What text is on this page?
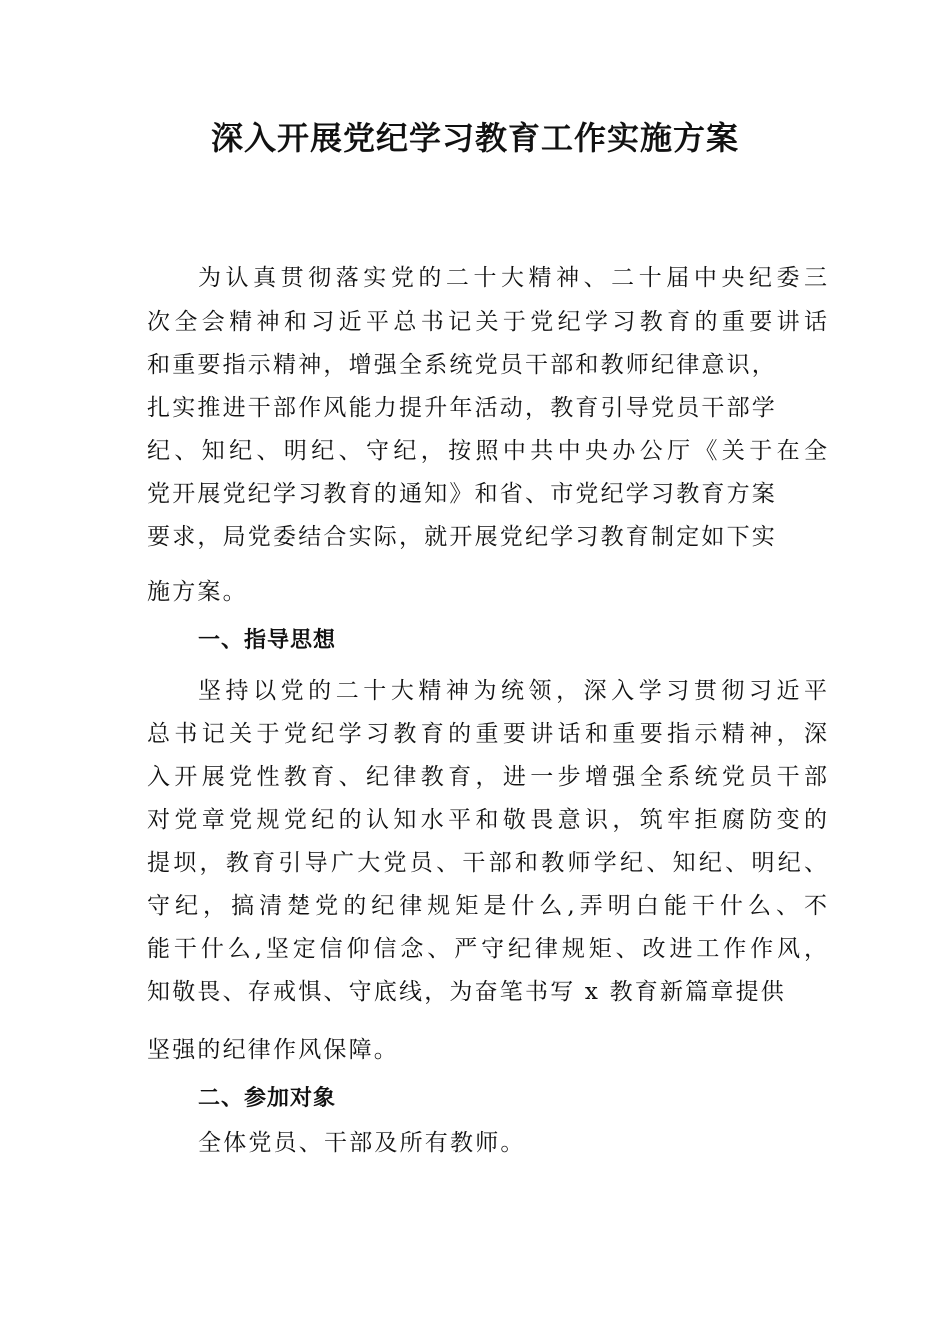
深入开展党纪学习教育工作实施方案
为认真贯彻落实党的二十大精神、二十届中央纪委三
次全会精神和习近平总书记关于党纪学习教育的重要讲话
和重要指示精神，增强全系统党员干部和教师纪律意识，
扎实推进干部作风能力提升年活动，教育引导党员干部学
纪、知纪、明纪、守纪，按照中共中央办公厅《关于在全
党开展党纪学习教育的通知》和省、市党纪学习教育方案
要求，局党委结合实际，就开展党纪学习教育制定如下实
施方案。
一、指导思想
坚持以党的二十大精神为统领，深入学习贯彻习近平
总书记关于党纪学习教育的重要讲话和重要指示精神，深
入开展党性教育、纪律教育，进一步增强全系统党员干部
对党章党规党纪的认知水平和敬畏意识，筑牢拒腐防变的
提坝，教育引导广大党员、干部和教师学纪、知纪、明纪、
守纪，搞清楚党的纪律规矩是什么,弄明白能干什么、不
能干什么,坚定信仰信念、严守纪律规矩、改进工作作风，
知敬畏、存戒惧、守底线，为奋笔书写 x 教育新篇章提供
坚强的纪律作风保障。
二、参加对象
全体党员、干部及所有教师。
